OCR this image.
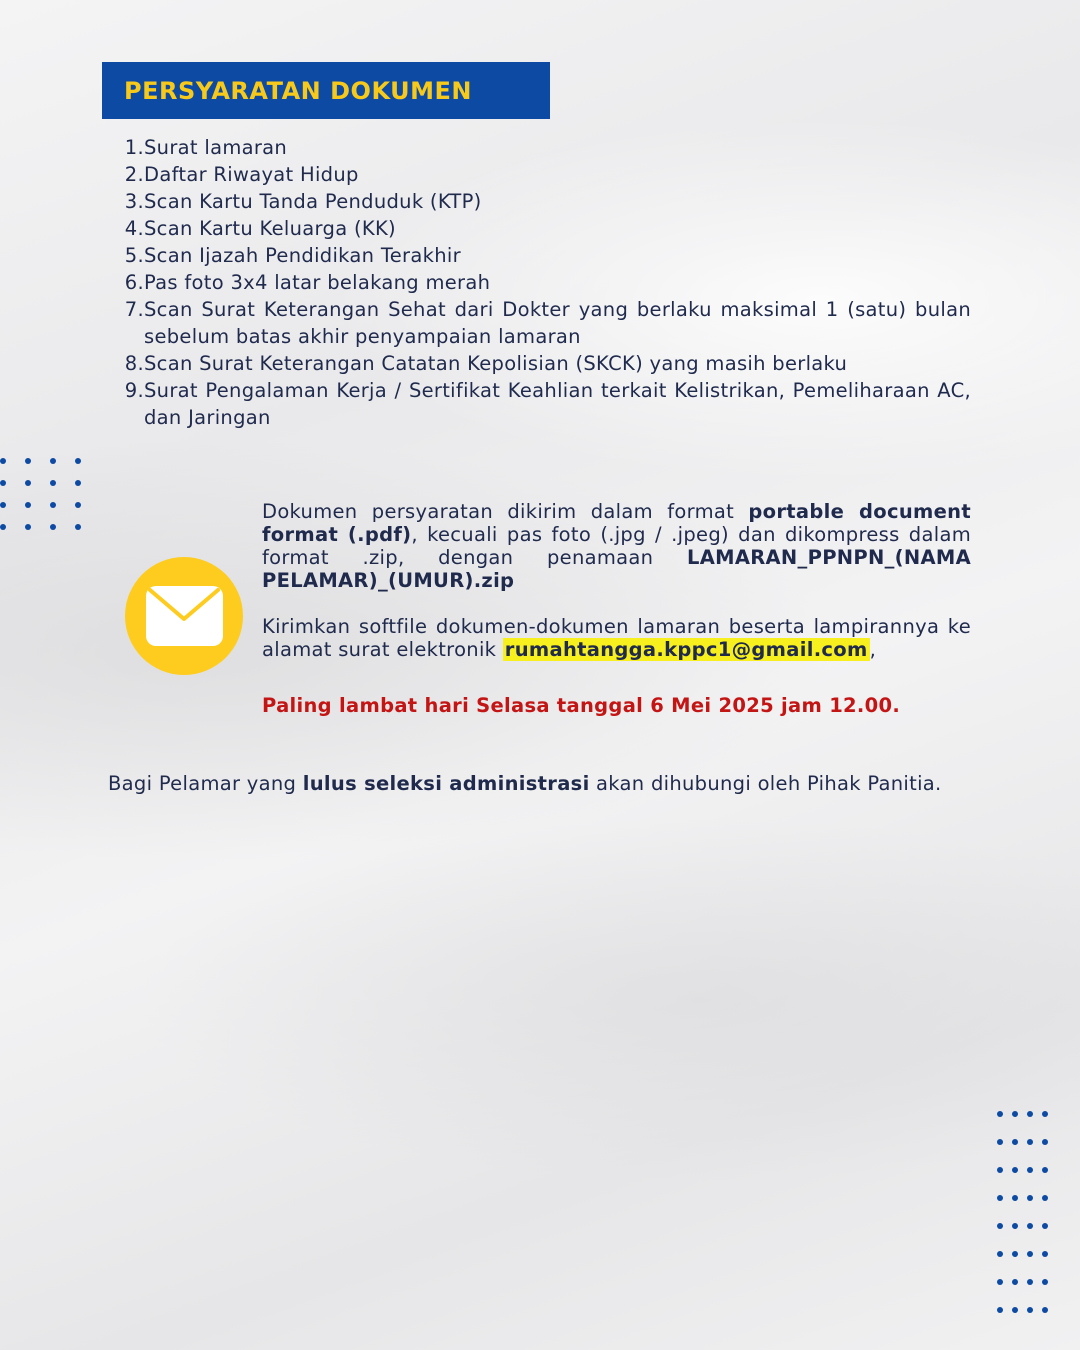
PERSYARATAN DOKUMEN
1. Surat lamaran
2. Daftar Riwayat Hidup
3. Scan Kartu Tanda Penduduk (KTP)
4. Scan Kartu Keluarga (KK)
5. Scan Ijazah Pendidikan Terakhir
6. Pas foto 3x4 latar belakang merah
7. Scan Surat Keterangan Sehat dari Dokter yang berlaku maksimal 1 (satu) bulan sebelum batas akhir penyampaian lamaran
8. Scan Surat Keterangan Catatan Kepolisian (SKCK) yang masih berlaku
9. Surat Pengalaman Kerja / Sertifikat Keahlian terkait Kelistrikan, Pemeliharaan AC, dan Jaringan

Dokumen persyaratan dikirim dalam format portable document format (.pdf), kecuali pas foto (.jpg / .jpeg) dan dikompress dalam format .zip, dengan penamaan LAMARAN_PPNPN_(NAMA PELAMAR)_(UMUR).zip

Kirimkan softfile dokumen-dokumen lamaran beserta lampirannya ke alamat surat elektronik rumahtangga.kppc1@gmail.com ,

Paling lambat hari Selasa tanggal 6 Mei 2025 jam 12.00.

Bagi Pelamar yang lulus seleksi administrasi akan dihubungi oleh Pihak Panitia.
